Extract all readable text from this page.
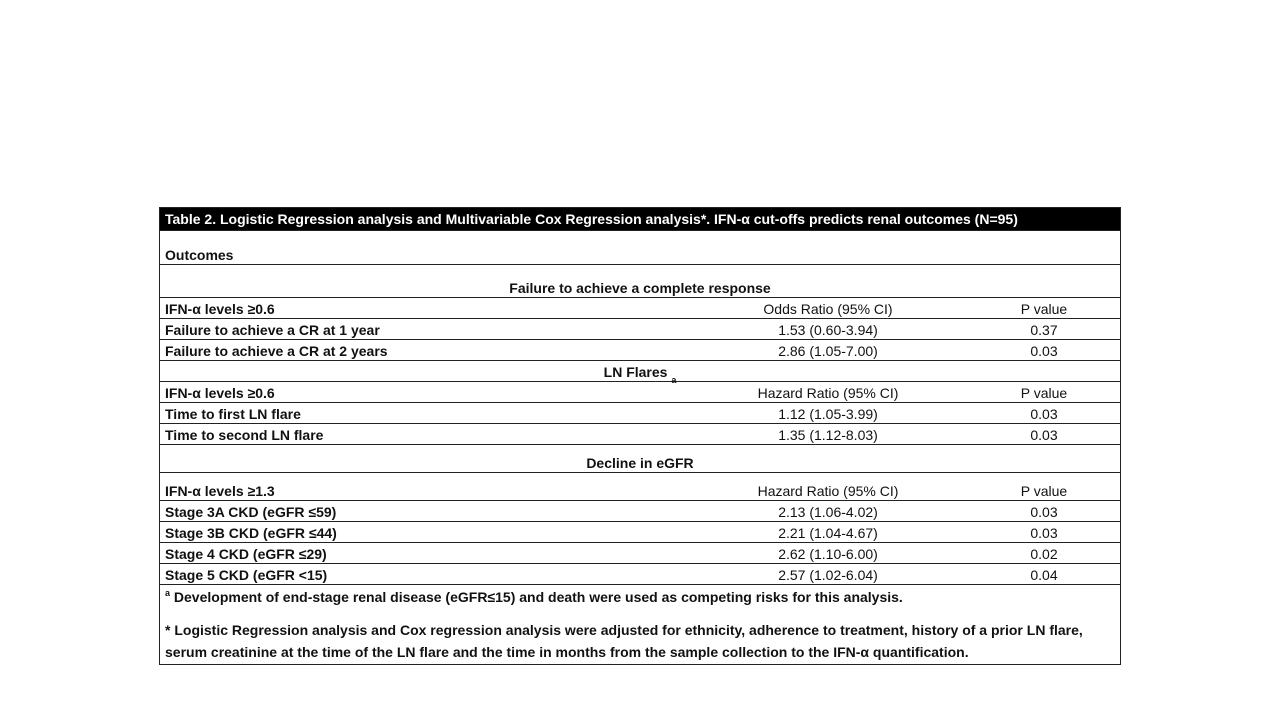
Table 2. Logistic Regression analysis and Multivariable Cox Regression analysis*. IFN-α cut-offs predicts renal outcomes (N=95)
Outcomes
Failure to achieve a complete response
IFN-α levels ≥0.6	Odds Ratio (95% CI)	P value
Failure to achieve a CR at 1 year	1.53 (0.60-3.94)	0.37
Failure to achieve a CR at 2 years	2.86 (1.05-7.00)	0.03
LN Flares
a
IFN-α levels ≥0.6	Hazard Ratio (95% CI)	P value
Time to first LN flare	1.12 (1.05-3.99)	0.03
Time to second LN flare	1.35 (1.12-8.03)	0.03
Decline in eGFR
IFN-α levels ≥1.3	Hazard Ratio (95% CI)	P value
Stage 3A CKD (eGFR ≤59)	2.13 (1.06-4.02)	0.03
Stage 3B CKD (eGFR ≤44)	2.21 (1.04-4.67)	0.03
Stage 4 CKD (eGFR ≤29)	2.62 (1.10-6.00)	0.02
Stage 5 CKD (eGFR <15)	2.57 (1.02-6.04)	0.04
$^a$ Development of end-stage renal disease (eGFR≤15) and death were used as competing risks for this analysis.
* Logistic Regression analysis and Cox regression analysis were adjusted for ethnicity, adherence to treatment, history of a prior LN flare, serum creatinine at the time of the LN flare and the time in months from the sample collection to the IFN-α quantification.
